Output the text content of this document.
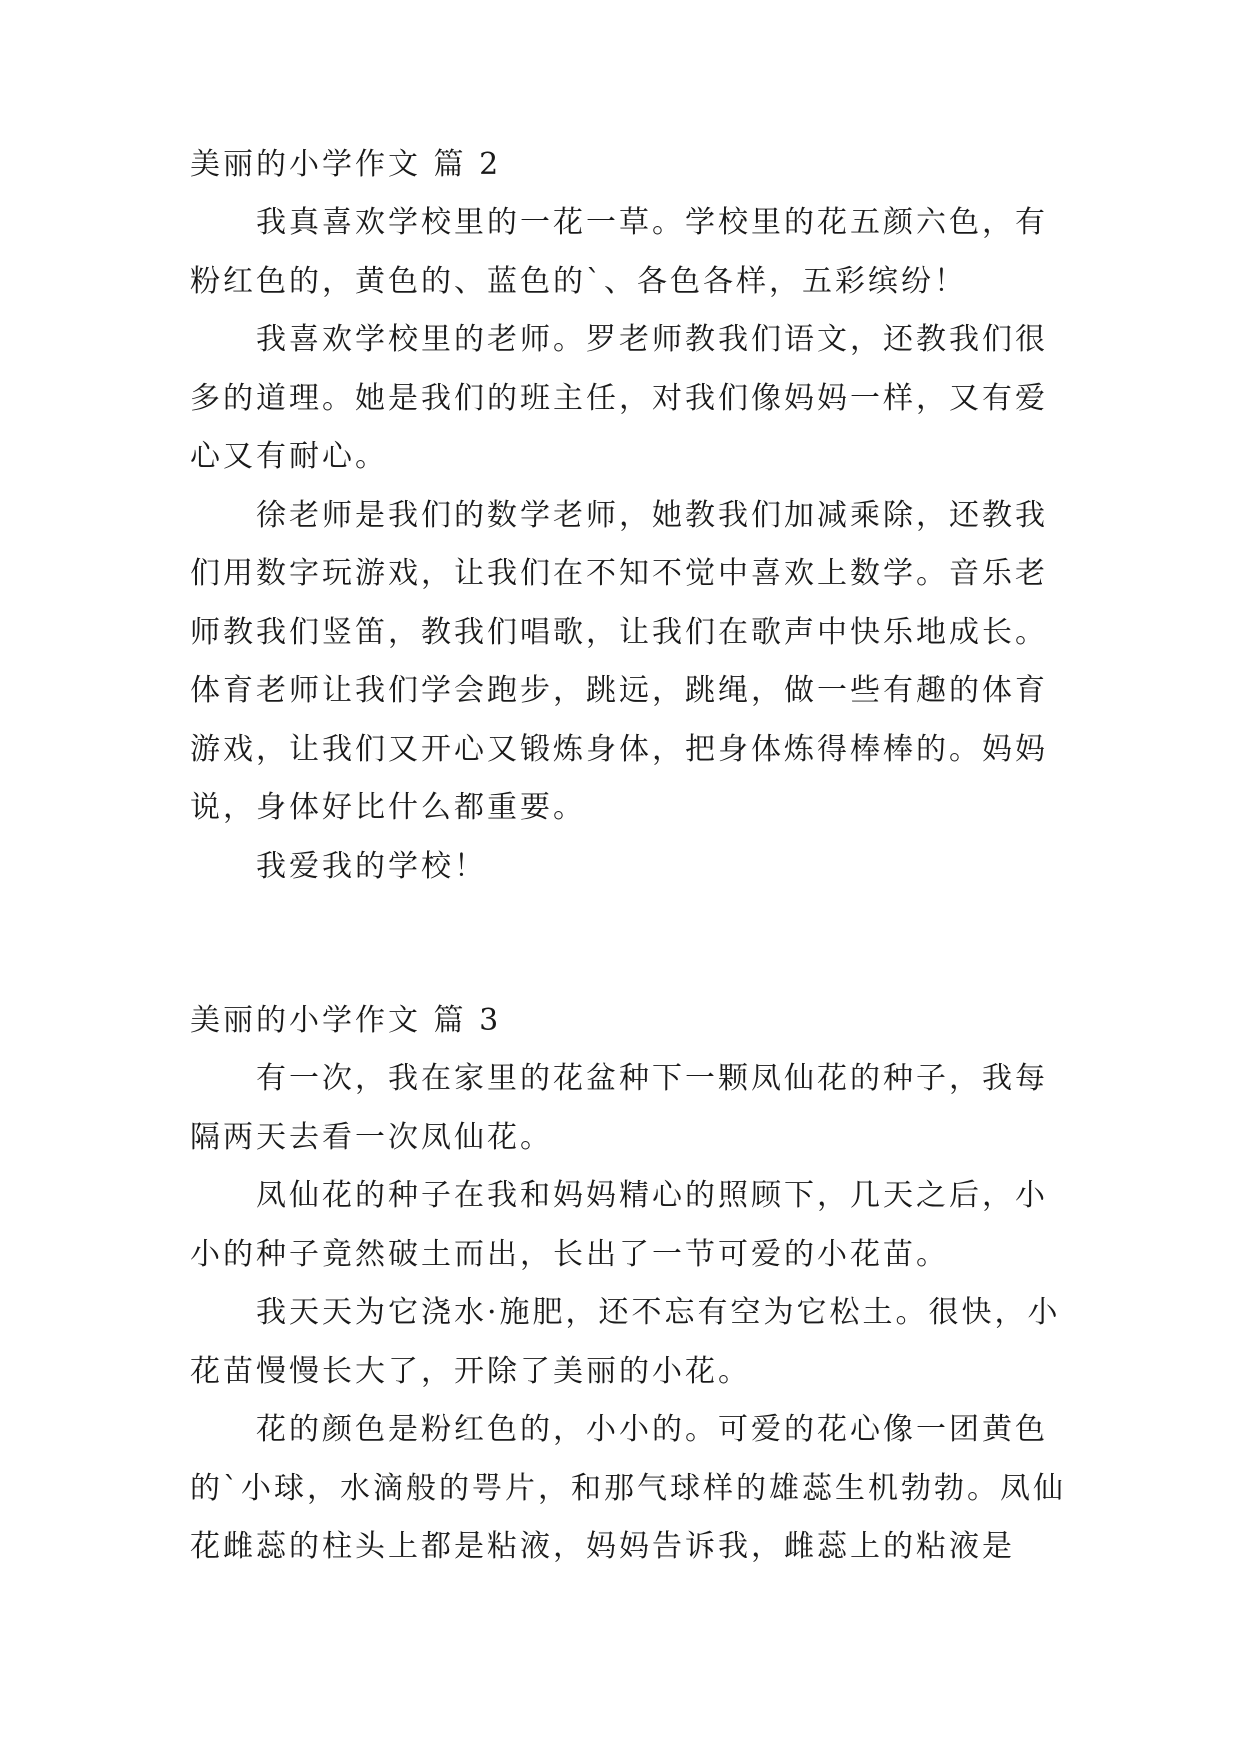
美丽的小学作文 篇 2

我真喜欢学校里的一花一草。学校里的花五颜六色，有粉红色的，黄色的、蓝色的`、各色各样，五彩缤纷！

我喜欢学校里的老师。罗老师教我们语文，还教我们很多的道理。她是我们的班主任，对我们像妈妈一样，又有爱心又有耐心。

徐老师是我们的数学老师，她教我们加减乘除，还教我们用数字玩游戏，让我们在不知不觉中喜欢上数学。音乐老师教我们竖笛，教我们唱歌，让我们在歌声中快乐地成长。体育老师让我们学会跑步，跳远，跳绳，做一些有趣的体育游戏，让我们又开心又锻炼身体，把身体炼得棒棒的。妈妈说，身体好比什么都重要。

我爱我的学校！

美丽的小学作文 篇 3

有一次，我在家里的花盆种下一颗凤仙花的种子，我每隔两天去看一次凤仙花。

凤仙花的种子在我和妈妈精心的照顾下，几天之后，小小的种子竟然破土而出，长出了一节可爱的小花苗。

我天天为它浇水·施肥，还不忘有空为它松土。很快，小花苗慢慢长大了，开除了美丽的小花。

花的颜色是粉红色的，小小的。可爱的花心像一团黄色的`小球，水滴般的咢片，和那气球样的雄蕊生机勃勃。凤仙花雌蕊的柱头上都是粘液，妈妈告诉我，雌蕊上的粘液是
